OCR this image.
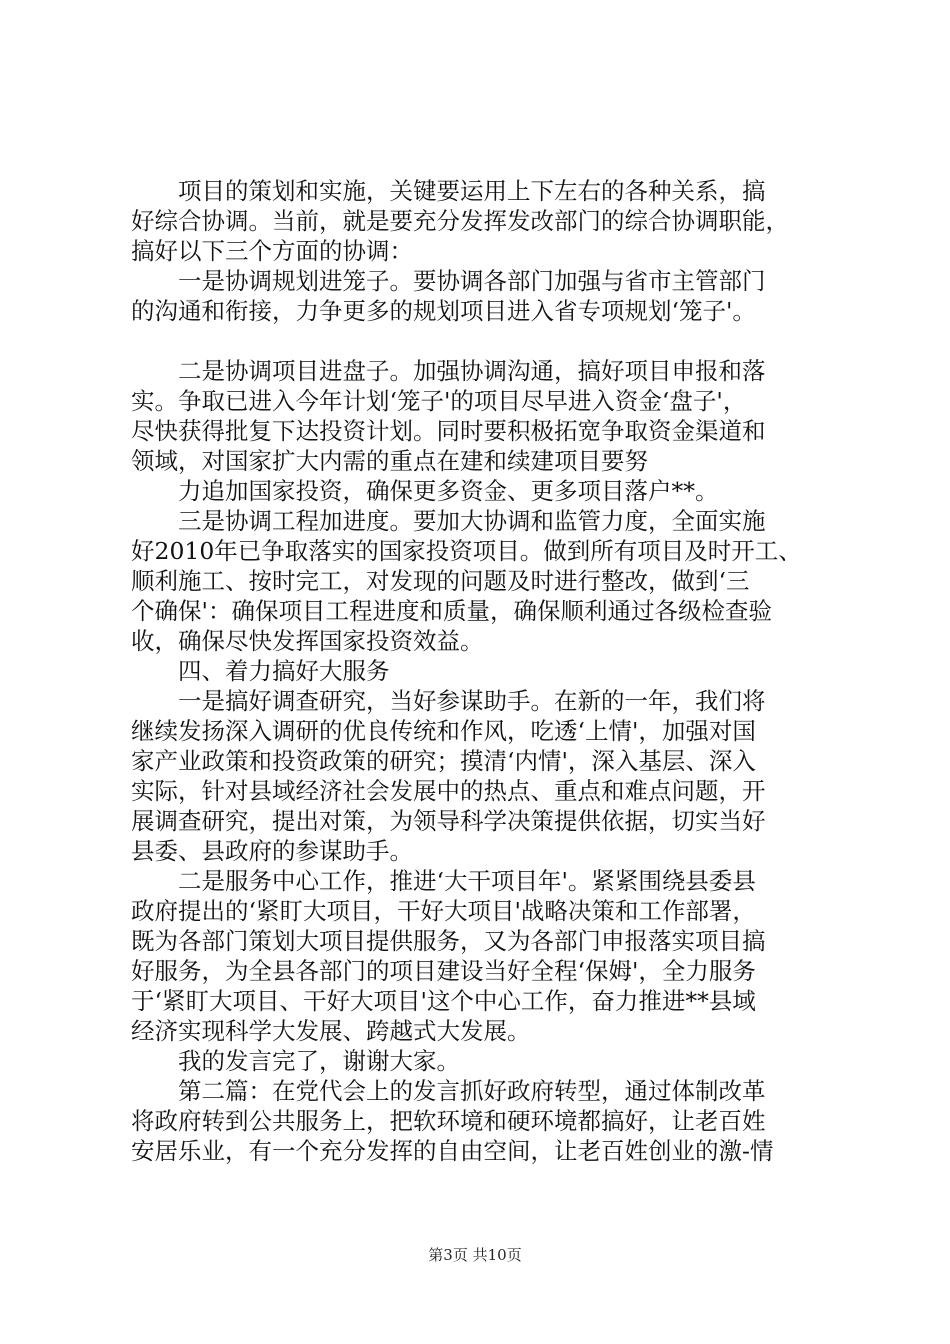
　　项目的策划和实施，关键要运用上下左右的各种关系，搞
好综合协调。当前，就是要充分发挥发改部门的综合协调职能，
搞好以下三个方面的协调：
　　一是协调规划进笼子。要协调各部门加强与省市主管部门
的沟通和衔接，力争更多的规划项目进入省专项规划‘笼子'。
　　二是协调项目进盘子。加强协调沟通，搞好项目申报和落
实。争取已进入今年计划‘笼子'的项目尽早进入资金‘盘子'，
尽快获得批复下达投资计划。同时要积极拓宽争取资金渠道和
领域，对国家扩大内需的重点在建和续建项目要努
　　力追加国家投资，确保更多资金、更多项目落户**。
　　三是协调工程加进度。要加大协调和监管力度，全面实施
好2010年已争取落实的国家投资项目。做到所有项目及时开工、
顺利施工、按时完工，对发现的问题及时进行整改，做到‘三
个确保'：确保项目工程进度和质量，确保顺利通过各级检查验
收，确保尽快发挥国家投资效益。
　　四、着力搞好大服务
　　一是搞好调查研究，当好参谋助手。在新的一年，我们将
继续发扬深入调研的优良传统和作风，吃透‘上情'，加强对国
家产业政策和投资政策的研究；摸清‘内情'，深入基层、深入
实际，针对县域经济社会发展中的热点、重点和难点问题，开
展调查研究，提出对策，为领导科学决策提供依据，切实当好
县委、县政府的参谋助手。
　　二是服务中心工作，推进‘大干项目年'。紧紧围绕县委县
政府提出的‘紧盯大项目，干好大项目'战略决策和工作部署，
既为各部门策划大项目提供服务，又为各部门申报落实项目搞
好服务，为全县各部门的项目建设当好全程‘保姆'，全力服务
于‘紧盯大项目、干好大项目'这个中心工作，奋力推进**县域
经济实现科学大发展、跨越式大发展。
　　我的发言完了，谢谢大家。
　　第二篇：在党代会上的发言抓好政府转型，通过体制改革
将政府转到公共服务上，把软环境和硬环境都搞好，让老百姓
安居乐业，有一个充分发挥的自由空间，让老百姓创业的激-情
第3页 共10页
